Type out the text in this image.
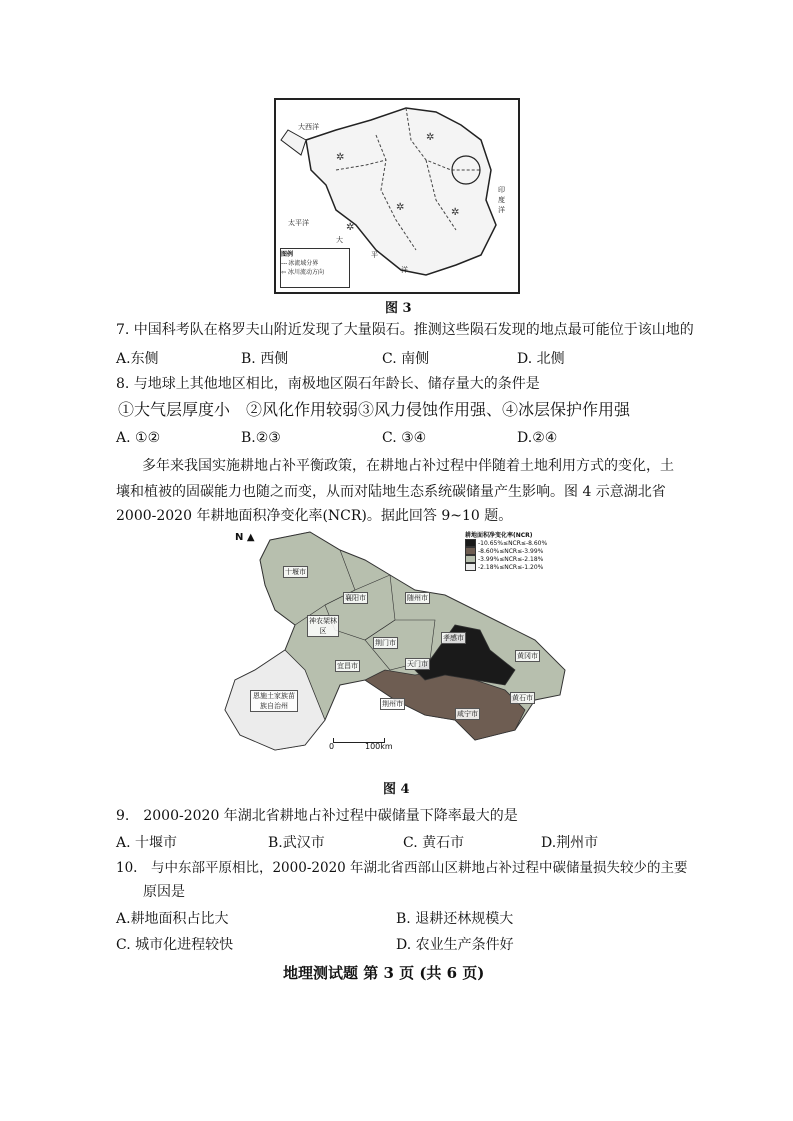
✲
✲	✲
✲
✲
大西洋
太平洋
印度洋
大
平
洋
图例
- - - 冰流域分界
⇦ 冰川流动方向
图 3
7. 中国科考队在格罗夫山附近发现了大量陨石。推测这些陨石发现的地点最可能位于该山地的
A.东侧	B. 西侧	C. 南侧	D. 北侧
8. 与地球上其他地区相比，南极地区陨石年龄长、储存量大的条件是
①大气层厚度小　②风化作用较弱③风力侵蚀作用强、④冰层保护作用强
A. ①②	B.②③	C. ③④	D.②④
多年来我国实施耕地占补平衡政策，在耕地占补过程中伴随着土地利用方式的变化，土
壤和植被的固碳能力也随之而变，从而对陆地生态系统碳储量产生影响。图 4 示意湖北省
2000-2020 年耕地面积净变化率(NCR)。据此回答 9~10 题。
N ▲	耕地面积净变化率(NCR)
-10.65%≤NCR≤-8.60%
-8.60%≤NCR≤-3.99%
-3.99%≤NCR≤-2.18%
-2.18%≤NCR≤-1.20%
十堰市
襄阳市	随州市
神农架林区
荆门市
孝感市
宜昌市	天门市
黄冈市
恩施土家族苗族自治州	荆州市
咸宁市
黄石市
0	100km
图 4
9.　2000-2020 年湖北省耕地占补过程中碳储量下降率最大的是
A. 十堰市	B.武汉市	C. 黄石市	D.荆州市
10.　与中东部平原相比，2000-2020 年湖北省西部山区耕地占补过程中碳储量损失较少的主要
原因是
A.耕地面积占比大	B. 退耕还林规模大
C. 城市化进程较快	D. 农业生产条件好
地理测试题 第 3 页 (共 6 页)
